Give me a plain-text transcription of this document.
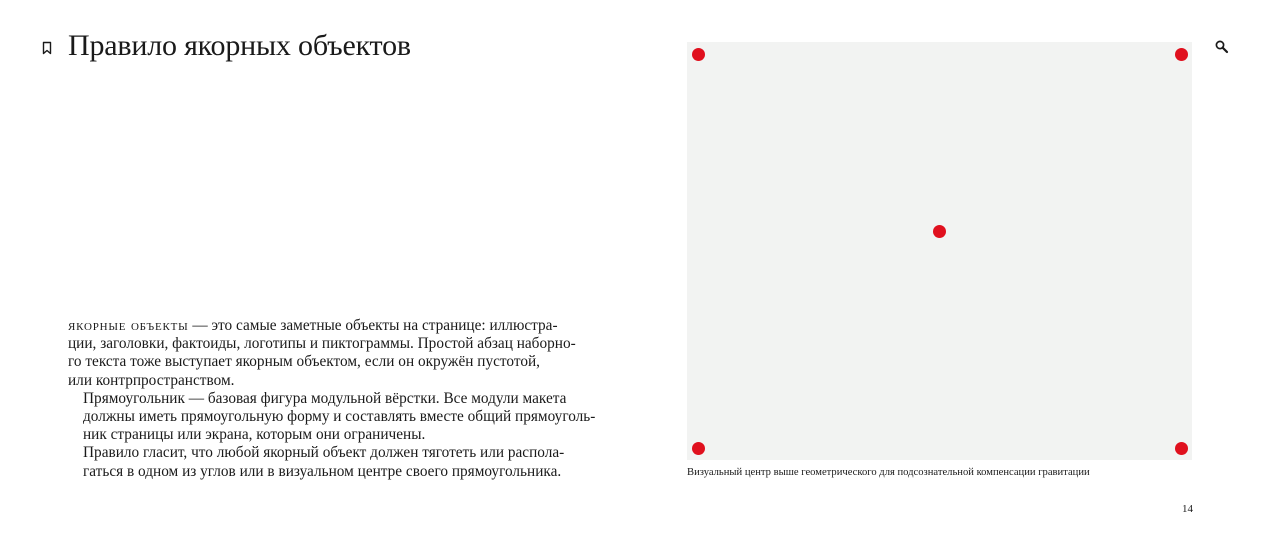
Правило якорных объектов

якорные объекты — это самые заметные объекты на странице: иллюстра-
ции, заголовки, фактоиды, логотипы и пиктограммы. Простой абзац наборно-
го текста тоже выступает якорным объектом, если он окружён пустотой,
или контрпространством.

Прямоугольник — базовая фигура модульной вёрстки. Все модули макета
должны иметь прямоугольную форму и составлять вместе общий прямоуголь-
ник страницы или экрана, которым они ограничены.

Правило гласит, что любой якорный объект должен тяготеть или распола-
гаться в одном из углов или в визуальном центре своего прямоугольника.	Визуальный центр выше геометрического для подсознательной компенсации гравитации
14
